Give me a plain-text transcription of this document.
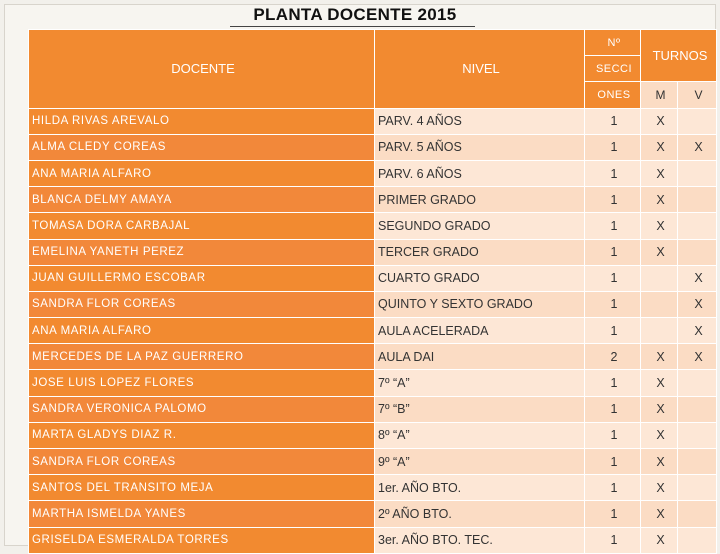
PLANTA DOCENTE 2015
DOCENTE	NIVEL	Nº	TURNOS	
		SECCI		
		ONES	M	V
HILDA RIVAS AREVALO	PARV. 4 AÑOS	1	X	
ALMA CLEDY COREAS	PARV. 5 AÑOS	1	X	X
ANA MARIA ALFARO	PARV. 6 AÑOS	1	X	
BLANCA DELMY AMAYA	PRIMER GRADO	1	X	
TOMASA DORA CARBAJAL	SEGUNDO GRADO	1	X	
EMELINA YANETH PEREZ	TERCER GRADO	1	X	
JUAN GUILLERMO ESCOBAR	CUARTO GRADO	1		X
SANDRA FLOR COREAS	QUINTO Y SEXTO GRADO	1		X
ANA MARIA ALFARO	AULA ACELERADA	1		X
MERCEDES DE LA PAZ GUERRERO	AULA DAI	2	X	X
JOSE LUIS LOPEZ FLORES	7º “A”	1	X	
SANDRA VERONICA PALOMO	7º “B”	1	X	
MARTA GLADYS DIAZ R.	8º “A”	1	X	
SANDRA FLOR COREAS	9º “A”	1	X	
SANTOS DEL TRANSITO MEJA	1er. AÑO BTO.	1	X	
MARTHA ISMELDA YANES	2º AÑO BTO.	1	X	
GRISELDA ESMERALDA TORRES	3er. AÑO BTO. TEC.	1	X	
